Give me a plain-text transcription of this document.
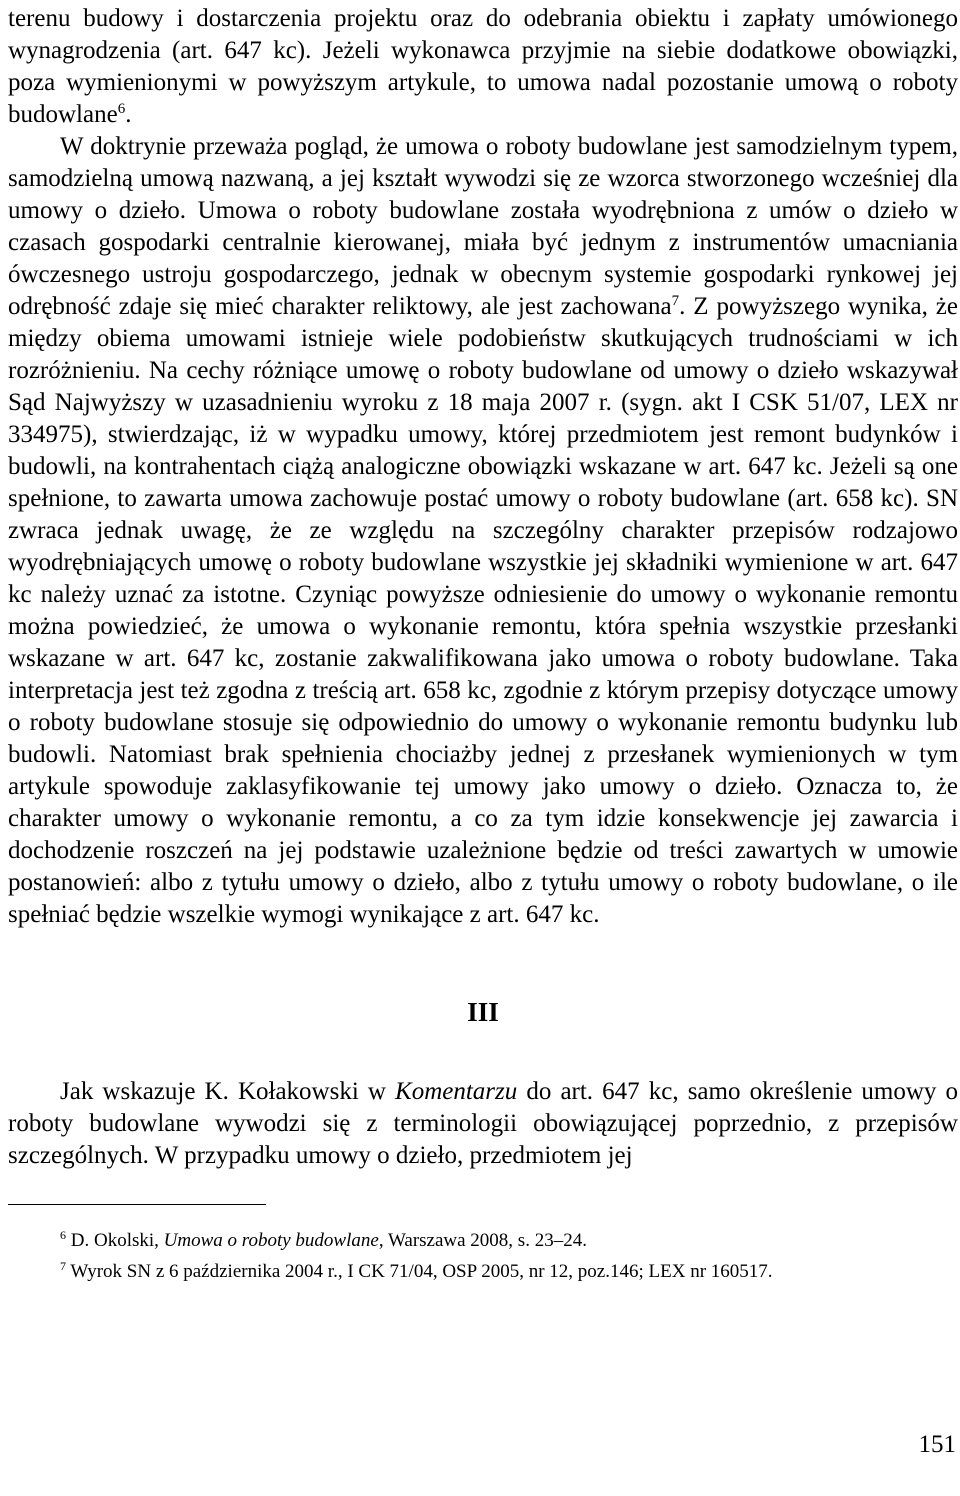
terenu budowy i dostarczenia projektu oraz do odebrania obiektu i zapłaty umówionego wynagrodzenia (art. 647 kc). Jeżeli wykonawca przyjmie na siebie dodatkowe obowiązki, poza wymienionymi w powyższym artykule, to umowa nadal pozostanie umową o roboty budowlane$^6$.

W doktrynie przeważa pogląd, że umowa o roboty budowlane jest samodzielnym typem, samodzielną umową nazwaną, a jej kształt wywodzi się ze wzorca stworzonego wcześniej dla umowy o dzieło. Umowa o roboty budowlane została wyodrębniona z umów o dzieło w czasach gospodarki centralnie kierowanej, miała być jednym z instrumentów umacniania ówczesnego ustroju gospodarczego, jednak w obecnym systemie gospodarki rynkowej jej odrębność zdaje się mieć charakter reliktowy, ale jest zachowana$^7$. Z powyższego wynika, że między obiema umowami istnieje wiele podobieństw skutkujących trudnościami w ich rozróżnieniu. Na cechy różniące umowę o roboty budowlane od umowy o dzieło wskazywał Sąd Najwyższy w uzasadnieniu wyroku z 18 maja 2007 r. (sygn. akt I CSK 51/07, LEX nr 334975), stwierdzając, iż w wypadku umowy, której przedmiotem jest remont budynków i budowli, na kontrahentach ciążą analogiczne obowiązki wskazane w art. 647 kc. Jeżeli są one spełnione, to zawarta umowa zachowuje postać umowy o roboty budowlane (art. 658 kc). SN zwraca jednak uwagę, że ze względu na szczególny charakter przepisów rodzajowo wyodrębniających umowę o roboty budowlane wszystkie jej składniki wymienione w art. 647 kc należy uznać za istotne. Czyniąc powyższe odniesienie do umowy o wykonanie remontu można powiedzieć, że umowa o wykonanie remontu, która spełnia wszystkie przesłanki wskazane w art. 647 kc, zostanie zakwalifikowana jako umowa o roboty budowlane. Taka interpretacja jest też zgodna z treścią art. 658 kc, zgodnie z którym przepisy dotyczące umowy o roboty budowlane stosuje się odpowiednio do umowy o wykonanie remontu budynku lub budowli. Natomiast brak spełnienia chociażby jednej z przesłanek wymienionych w tym artykule spowoduje zaklasyfikowanie tej umowy jako umowy o dzieło. Oznacza to, że charakter umowy o wykonanie remontu, a co za tym idzie konsekwencje jej zawarcia i dochodzenie roszczeń na jej podstawie uzależnione będzie od treści zawartych w umowie postanowień: albo z tytułu umowy o dzieło, albo z tytułu umowy o roboty budowlane, o ile spełniać będzie wszelkie wymogi wynikające z art. 647 kc.

III

Jak wskazuje K. Kołakowski w Komentarzu do art. 647 kc, samo określenie umowy o roboty budowlane wywodzi się z terminologii obowiązującej poprzednio, z przepisów szczególnych. W przypadku umowy o dzieło, przedmiotem jej

$^6$ D. Okolski, Umowa o roboty budowlane, Warszawa 2008, s. 23–24.

$^7$ Wyrok SN z 6 października 2004 r., I CK 71/04, OSP 2005, nr 12, poz.146; LEX nr 160517.

151
